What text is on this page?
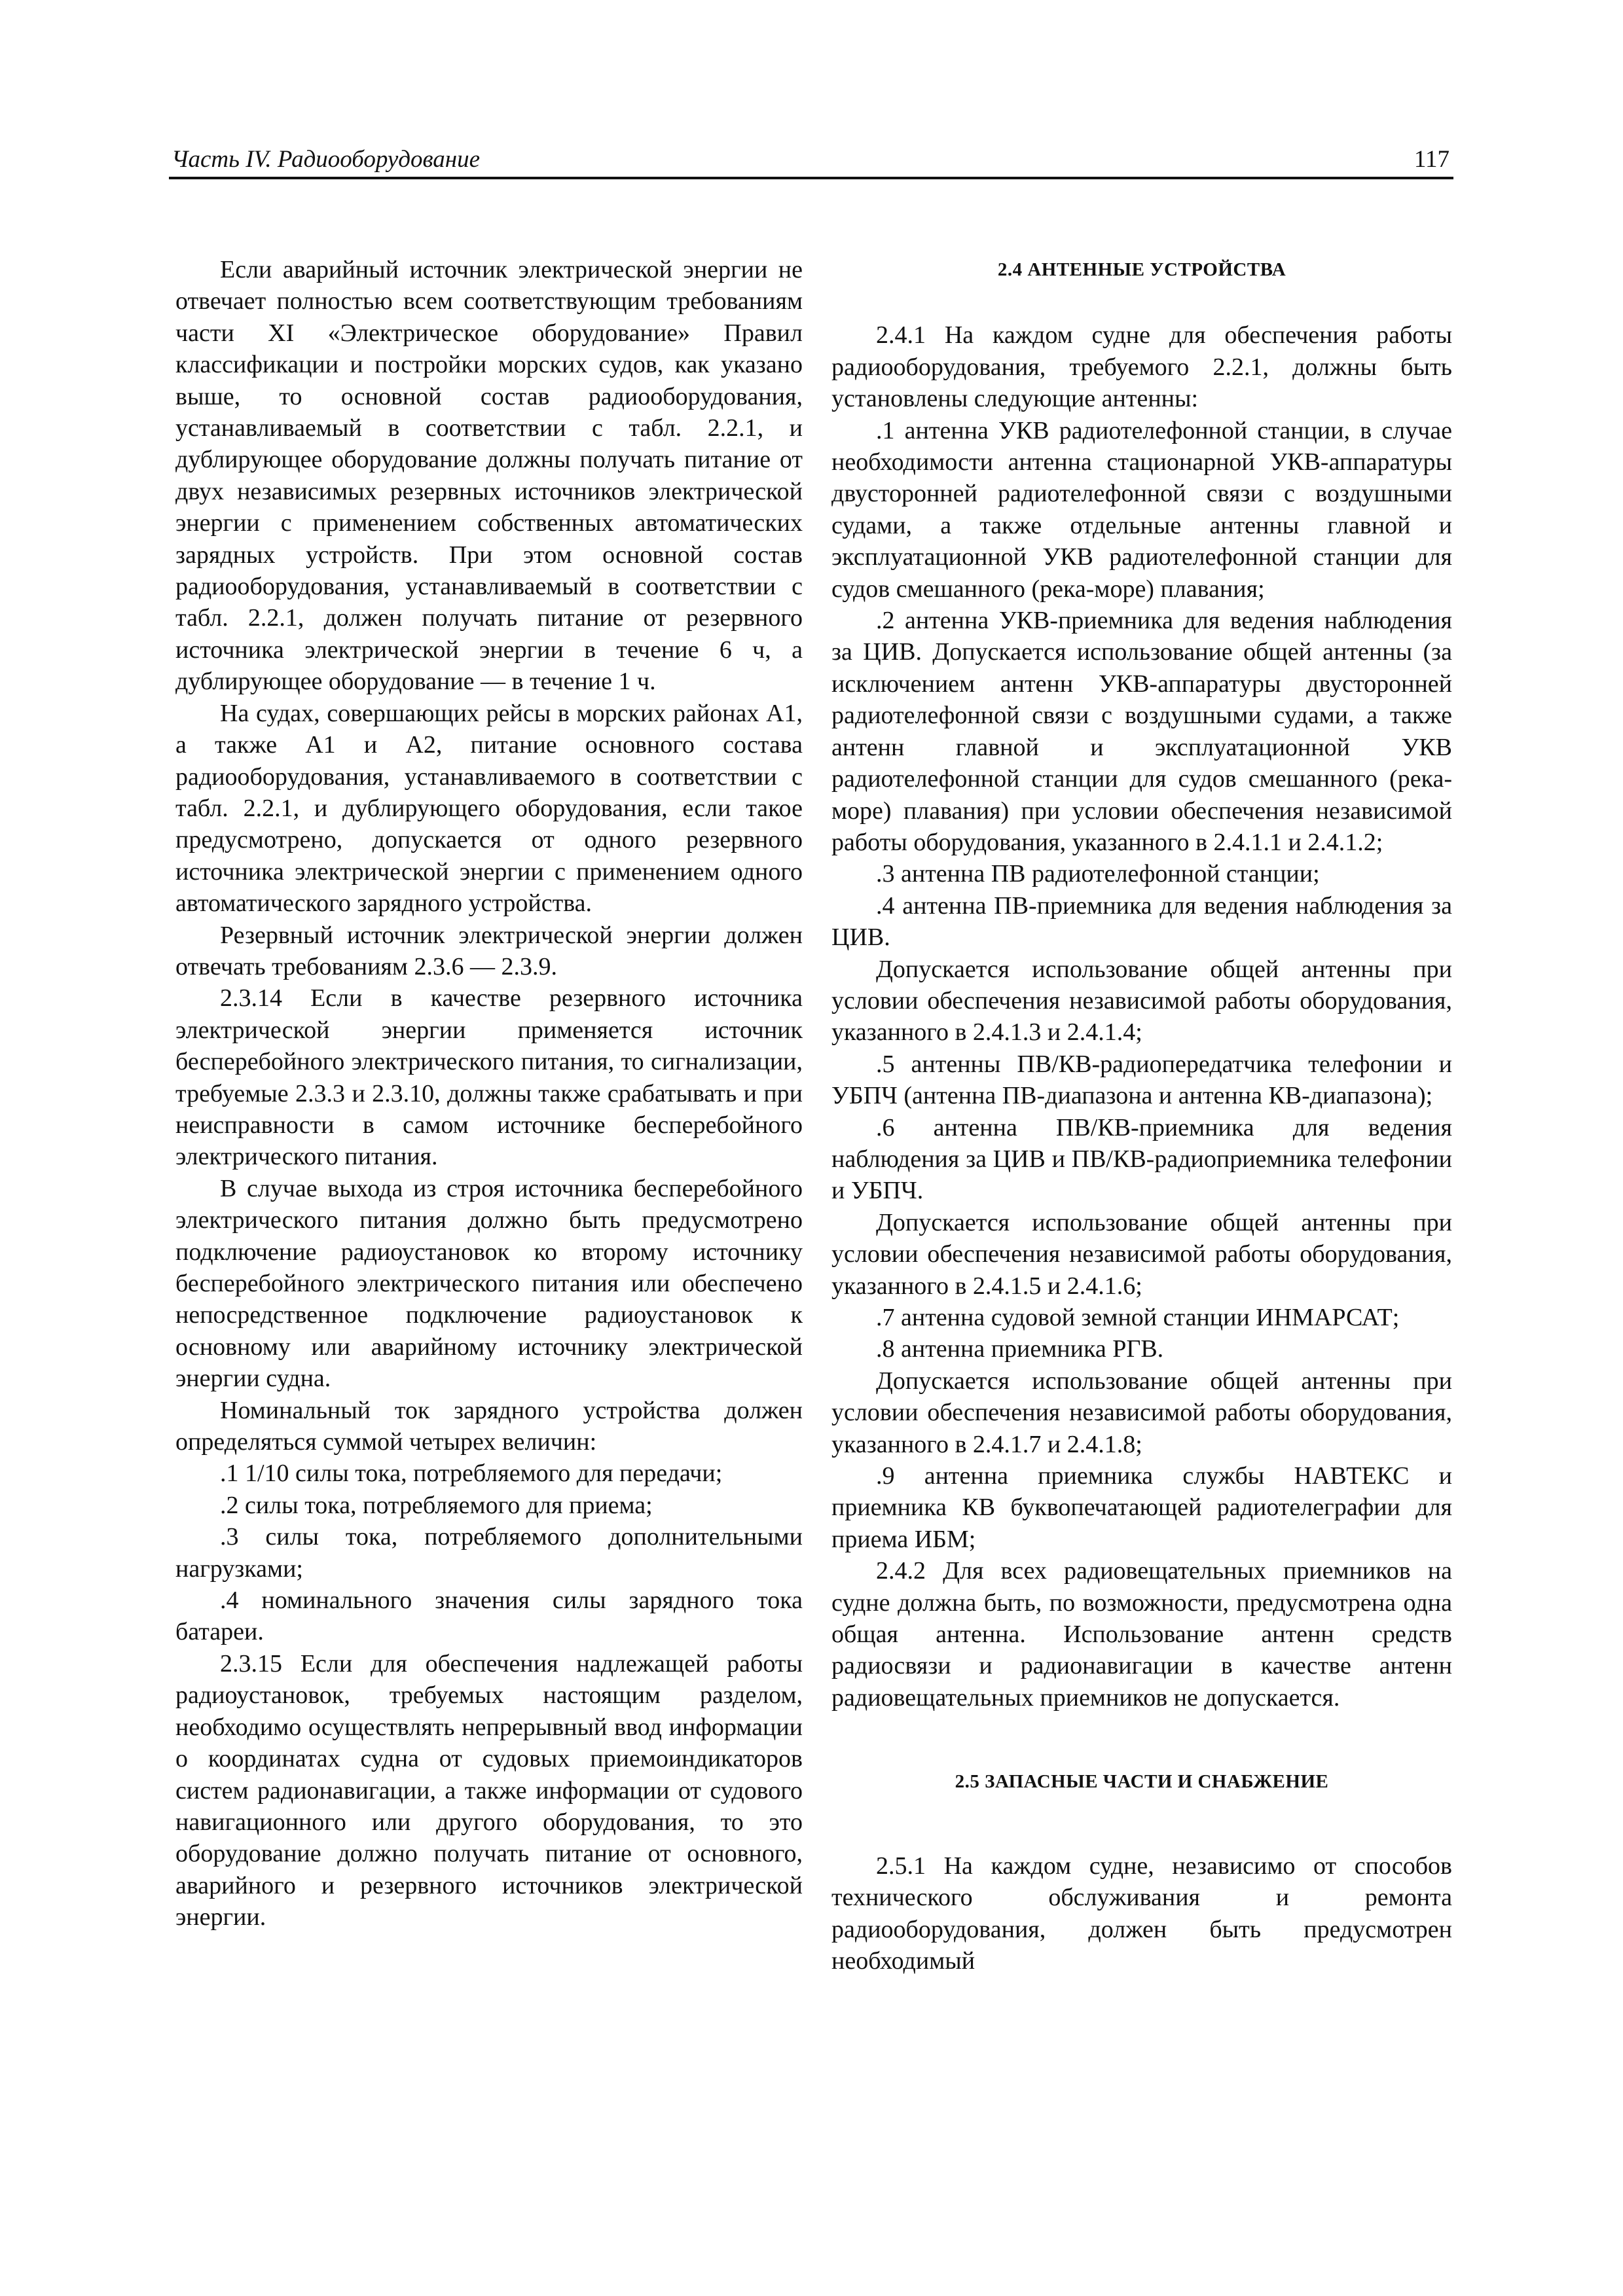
Часть IV. Радиооборудование	117

Если аварийный источник электрической энергии не отвечает полностью всем соответствующим требованиям части XI «Электрическое оборудование» Правил классификации и постройки морских судов, как указано выше, то основной состав радиооборудования, устанавливаемый в соответствии с табл. 2.2.1, и дублирующее оборудование должны получать питание от двух независимых резервных источников электрической энергии с применением собственных автоматических зарядных устройств. При этом основной состав радиооборудования, устанавливаемый в соответствии с табл. 2.2.1, должен получать питание от резервного источника электрической энергии в течение 6 ч, а дублирующее оборудование — в течение 1 ч.

На судах, совершающих рейсы в морских районах А1, а также А1 и А2, питание основного состава радиооборудования, устанавливаемого в соответствии с табл. 2.2.1, и дублирующего оборудования, если такое предусмотрено, допускается от одного резервного источника электрической энергии с применением одного автоматического зарядного устройства.

Резервный источник электрической энергии должен отвечать требованиям 2.3.6 — 2.3.9.

2.3.14 Если в качестве резервного источника электрической энергии применяется источник бесперебойного электрического питания, то сигнализации, требуемые 2.3.3 и 2.3.10, должны также срабатывать и при неисправности в самом источнике бесперебойного электрического питания.

В случае выхода из строя источника бесперебойного электрического питания должно быть предусмотрено подключение радиоустановок ко второму источнику бесперебойного электрического питания или обеспечено непосредственное подключение радиоустановок к основному или аварийному источнику электрической энергии судна.

Номинальный ток зарядного устройства должен определяться суммой четырех величин:

.1 1/10 силы тока, потребляемого для передачи;

.2 силы тока, потребляемого для приема;

.3 силы тока, потребляемого дополнительными нагрузками;

.4 номинального значения силы зарядного тока батареи.

2.3.15 Если для обеспечения надлежащей работы радиоустановок, требуемых настоящим разделом, необходимо осуществлять непрерывный ввод информации о координатах судна от судовых приемоиндикаторов систем радионавигации, а также информации от судового навигационного или другого оборудования, то это оборудование должно получать питание от основного, аварийного и резервного источников электрической энергии.

2.4 АНТЕННЫЕ УСТРОЙСТВА

2.4.1 На каждом судне для обеспечения работы радиооборудования, требуемого 2.2.1, должны быть установлены следующие антенны:

.1 антенна УКВ радиотелефонной станции, в случае необходимости антенна стационарной УКВ-аппаратуры двусторонней радиотелефонной связи с воздушными судами, а также отдельные антенны главной и эксплуатационной УКВ радиотелефонной станции для судов смешанного (река-море) плавания;

.2 антенна УКВ-приемника для ведения наблюдения за ЦИВ. Допускается использование общей антенны (за исключением антенн УКВ-аппаратуры двусторонней радиотелефонной связи с воздушными судами, а также антенн главной и эксплуатационной УКВ радиотелефонной станции для судов смешанного (река-море) плавания) при условии обеспечения независимой работы оборудования, указанного в 2.4.1.1 и 2.4.1.2;

.3 антенна ПВ радиотелефонной станции;

.4 антенна ПВ-приемника для ведения наблюдения за ЦИВ.

Допускается использование общей антенны при условии обеспечения независимой работы оборудования, указанного в 2.4.1.3 и 2.4.1.4;

.5 антенны ПВ/КВ-радиопередатчика телефонии и УБПЧ (антенна ПВ-диапазона и антенна КВ-диапазона);

.6 антенна ПВ/КВ-приемника для ведения наблюдения за ЦИВ и ПВ/КВ-радиоприемника телефонии и УБПЧ.

Допускается использование общей антенны при условии обеспечения независимой работы оборудования, указанного в 2.4.1.5 и 2.4.1.6;

.7 антенна судовой земной станции ИНМАРСАТ;

.8 антенна приемника РГВ.

Допускается использование общей антенны при условии обеспечения независимой работы оборудования, указанного в 2.4.1.7 и 2.4.1.8;

.9 антенна приемника службы НАВТЕКС и приемника КВ буквопечатающей радиотелеграфии для приема ИБМ;

2.4.2 Для всех радиовещательных приемников на судне должна быть, по возможности, предусмотрена одна общая антенна. Использование антенн средств радиосвязи и радионавигации в качестве антенн радиовещательных приемников не допускается.

2.5 ЗАПАСНЫЕ ЧАСТИ И СНАБЖЕНИЕ

2.5.1 На каждом судне, независимо от способов технического обслуживания и ремонта радиооборудования, должен быть предусмотрен необходимый
